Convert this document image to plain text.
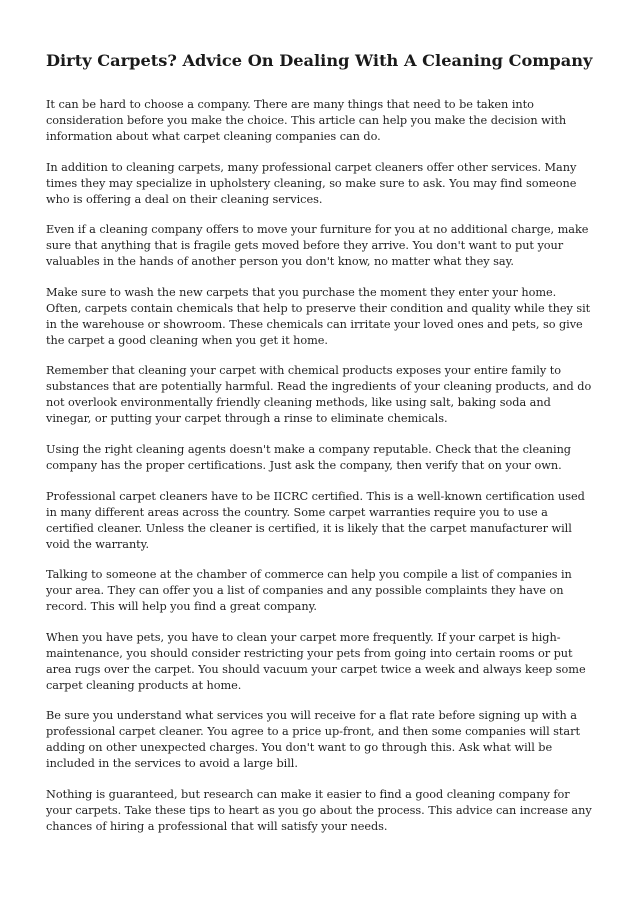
Dirty Carpets? Advice On Dealing With A Cleaning Company

It can be hard to choose a company. There are many things that need to be taken into consideration before you make the choice. This article can help you make the decision with information about what carpet cleaning companies can do.

In addition to cleaning carpets, many professional carpet cleaners offer other services. Many times they may specialize in upholstery cleaning, so make sure to ask. You may find someone who is offering a deal on their cleaning services.

Even if a cleaning company offers to move your furniture for you at no additional charge, make sure that anything that is fragile gets moved before they arrive. You don't want to put your valuables in the hands of another person you don't know, no matter what they say.

Make sure to wash the new carpets that you purchase the moment they enter your home. Often, carpets contain chemicals that help to preserve their condition and quality while they sit in the warehouse or showroom. These chemicals can irritate your loved ones and pets, so give the carpet a good cleaning when you get it home.

Remember that cleaning your carpet with chemical products exposes your entire family to substances that are potentially harmful. Read the ingredients of your cleaning products, and do not overlook environmentally friendly cleaning methods, like using salt, baking soda and vinegar, or putting your carpet through a rinse to eliminate chemicals.

Using the right cleaning agents doesn't make a company reputable. Check that the cleaning company has the proper certifications. Just ask the company, then verify that on your own.

Professional carpet cleaners have to be IICRC certified. This is a well-known certification used in many different areas across the country. Some carpet warranties require you to use a certified cleaner. Unless the cleaner is certified, it is likely that the carpet manufacturer will void the warranty.

Talking to someone at the chamber of commerce can help you compile a list of companies in your area. They can offer you a list of companies and any possible complaints they have on record. This will help you find a great company.

When you have pets, you have to clean your carpet more frequently. If your carpet is high-maintenance, you should consider restricting your pets from going into certain rooms or put area rugs over the carpet. You should vacuum your carpet twice a week and always keep some carpet cleaning products at home.

Be sure you understand what services you will receive for a flat rate before signing up with a professional carpet cleaner. You agree to a price up-front, and then some companies will start adding on other unexpected charges. You don't want to go through this. Ask what will be included in the services to avoid a large bill.

Nothing is guaranteed, but research can make it easier to find a good cleaning company for your carpets. Take these tips to heart as you go about the process. This advice can increase any chances of hiring a professional that will satisfy your needs.
